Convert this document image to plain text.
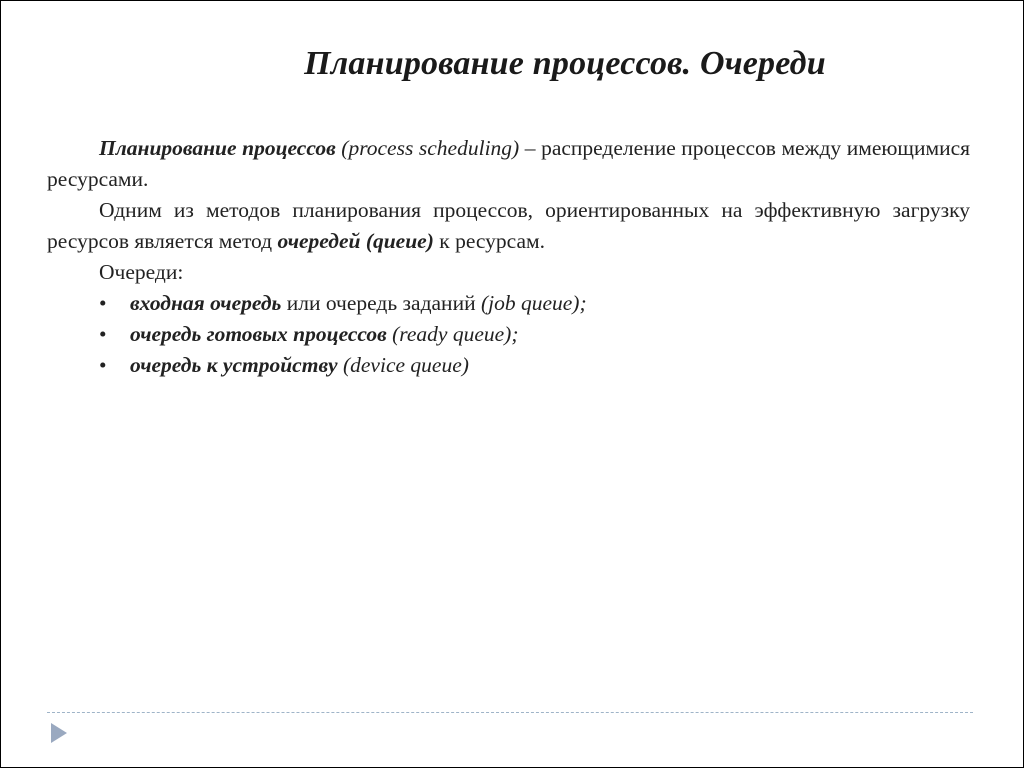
Планирование процессов. Очереди

Планирование процессов (process scheduling) – распределение процессов между имеющимися ресурсами.

Одним из методов планирования процессов, ориентированных на эффективную загрузку ресурсов является метод очередей (queue) к ресурсам.

Очереди:

• входная очередь или очередь заданий (job queue);
• очередь готовых процессов (ready queue);
• очередь к устройству (device queue)
